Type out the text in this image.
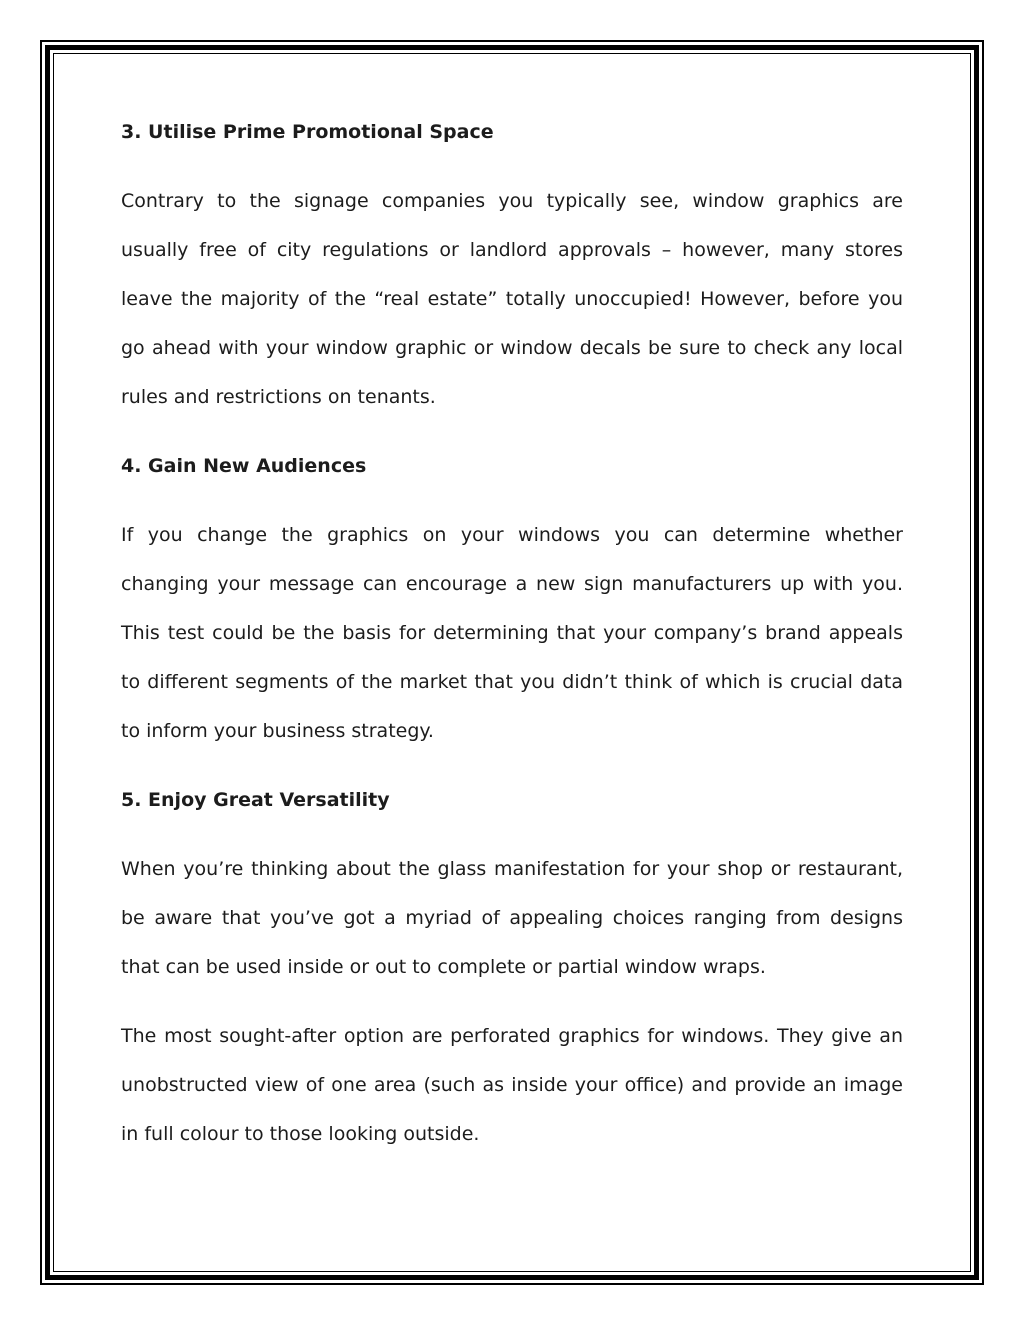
3. Utilise Prime Promotional Space

Contrary to the signage companies you typically see, window graphics are usually free of city regulations or landlord approvals – however, many stores leave the majority of the “real estate” totally unoccupied! However, before you go ahead with your window graphic or window decals be sure to check any local rules and restrictions on tenants.

4. Gain New Audiences

If you change the graphics on your windows you can determine whether changing your message can encourage a new sign manufacturers up with you. This test could be the basis for determining that your company’s brand appeals to different segments of the market that you didn’t think of which is crucial data to inform your business strategy.

5. Enjoy Great Versatility

When you’re thinking about the glass manifestation for your shop or restaurant, be aware that you’ve got a myriad of appealing choices ranging from designs that can be used inside or out to complete or partial window wraps.

The most sought-after option are perforated graphics for windows. They give an unobstructed view of one area (such as inside your office) and provide an image in full colour to those looking outside.
